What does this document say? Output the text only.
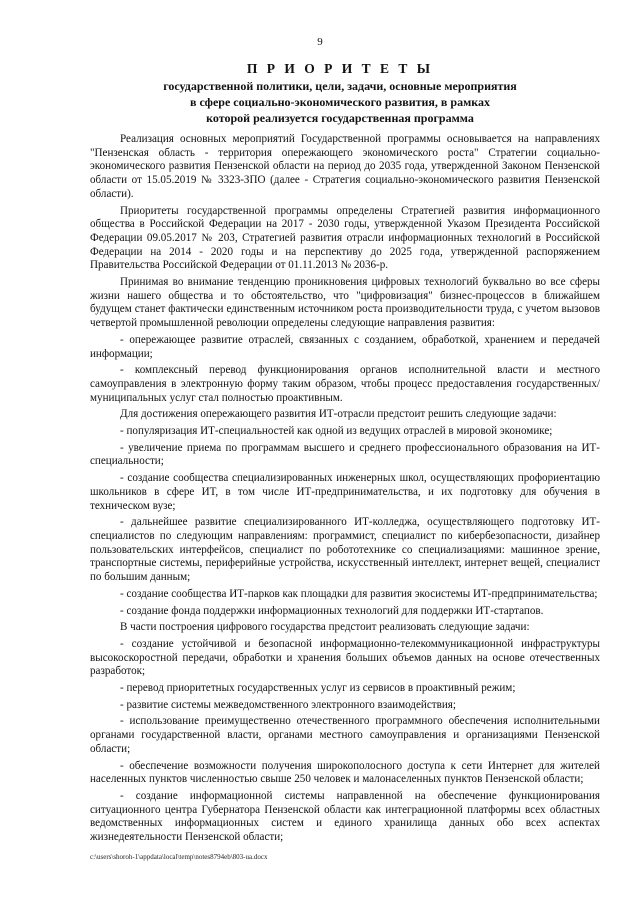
9
П Р И О Р И Т Е Т Ы
государственной политики, цели, задачи, основные мероприятия
в сфере социально-экономического развития, в рамках
которой реализуется государственная программа

Реализация основных мероприятий Государственной программы основывается на направлениях "Пензенская область - территория опережающего экономического роста" Стратегии социально-экономического развития Пензенской области на период до 2035 года, утвержденной Законом Пензенской области от 15.05.2019 № 3323-ЗПО (далее - Стратегия социально-экономического развития Пензенской области).

Приоритеты государственной программы определены Стратегией развития информационного общества в Российской Федерации на 2017 - 2030 годы, утвержденной Указом Президента Российской Федерации 09.05.2017 № 203, Стратегией развития отрасли информационных технологий в Российской Федерации на 2014 - 2020 годы и на перспективу до 2025 года, утвержденной распоряжением Правительства Российской Федерации от 01.11.2013 № 2036-р.

Принимая во внимание тенденцию проникновения цифровых технологий буквально во все сферы жизни нашего общества и то обстоятельство, что "цифровизация" бизнес-процессов в ближайшем будущем станет фактически единственным источником роста производительности труда, с учетом вызовов четвертой промышленной революции определены следующие направления развития:

- опережающее развитие отраслей, связанных с созданием, обработкой, хранением и передачей информации;

- комплексный перевод функционирования органов исполнительной власти и местного самоуправления в электронную форму таким образом, чтобы процесс предоставления государственных/муниципальных услуг стал полностью проактивным.

Для достижения опережающего развития ИТ-отрасли предстоит решить следующие задачи:

- популяризация ИТ-специальностей как одной из ведущих отраслей в мировой экономике;

- увеличение приема по программам высшего и среднего профессионального образования на ИТ-специальности;

- создание сообщества специализированных инженерных школ, осуществляющих профориентацию школьников в сфере ИТ, в том числе ИТ-предпринимательства, и их подготовку для обучения в техническом вузе;

- дальнейшее развитие специализированного ИТ-колледжа, осуществляющего подготовку ИТ-специалистов по следующим направлениям: программист, специалист по кибербезопасности, дизайнер пользовательских интерфейсов, специалист по робототехнике со специализациями: машинное зрение, транспортные системы, периферийные устройства, искусственный интеллект, интернет вещей, специалист по большим данным;

- создание сообщества ИТ-парков как площадки для развития экосистемы ИТ-предпринимательства;

- создание фонда поддержки информационных технологий для поддержки ИТ-стартапов.

В части построения цифрового государства предстоит реализовать следующие задачи:

- создание устойчивой и безопасной информационно-телекоммуникационной инфраструктуры высокоскоростной передачи, обработки и хранения больших объемов данных на основе отечественных разработок;

- перевод приоритетных государственных услуг из сервисов в проактивный режим;

- развитие системы межведомственного электронного взаимодействия;

- использование преимущественно отечественного программного обеспечения исполнительными органами государственной власти, органами местного самоуправления и организациями Пензенской области;

- обеспечение возможности получения широкополосного доступа к сети Интернет для жителей населенных пунктов численностью свыше 250 человек и малонаселенных пунктов Пензенской области;

- создание информационной системы направленной на обеспечение функционирования ситуационного центра Губернатора Пензенской области как интеграционной платформы всех областных ведомственных информационных систем и единого хранилища данных обо всех аспектах жизнедеятельности Пензенской области;

c:\users\shoroh-1\appdata\local\temp\notes8794eb\803-ua.docx
